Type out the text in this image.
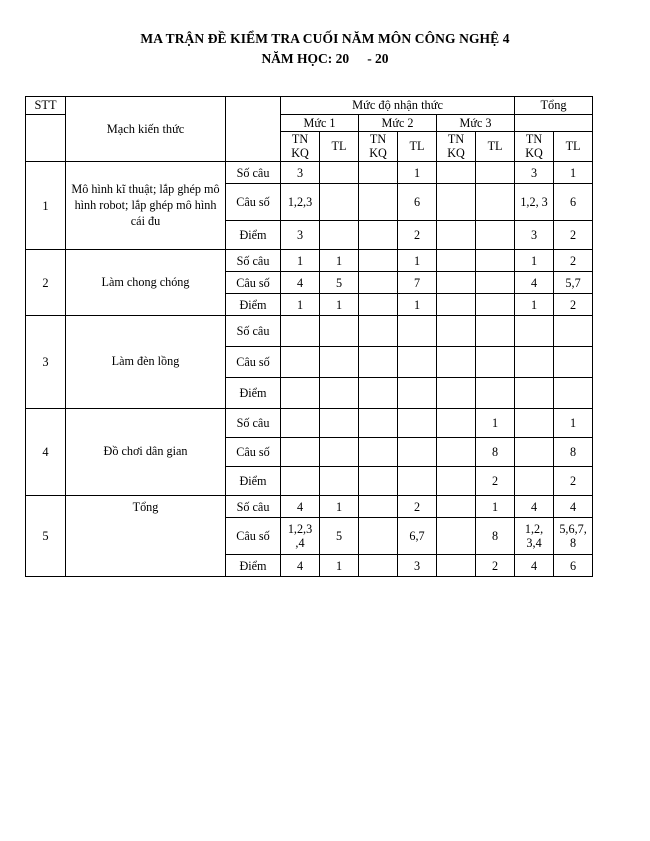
MA TRẬN ĐỀ KIỂM TRA CUỐI NĂM MÔN CÔNG NGHỆ 4
NĂM HỌC: 20 - 20
STT	Mạch kiến thức		Mức độ nhận thức						Tổng	
			Mức 1		Mức 2		Mức 3			
			TN KQ	TL	TN KQ	TL	TN KQ	TL	TN KQ	TL
1	Mô hình kĩ thuật; lắp ghép mô hình robot; lắp ghép mô hình cái đu	Số câu	3			1			3	1
		Câu số	1,2,3			6			1,2, 3	6
		Điểm	3			2			3	2
2	Làm chong chóng	Số câu	1	1		1			1	2
		Câu số	4	5		7			4	5,7
		Điểm	1	1		1			1	2
3	Làm đèn lồng	Số câu								
		Câu số								
		Điểm								
4	Đồ chơi dân gian	Số câu						1		1
		Câu số						8		8
		Điểm						2		2
5	Tổng	Số câu	4	1		2		1	4	4
		Câu số	1,2,3 ,4	5		6,7		8	1,2, 3,4	5,6,7, 8
		Điểm	4	1		3		2	4	6
